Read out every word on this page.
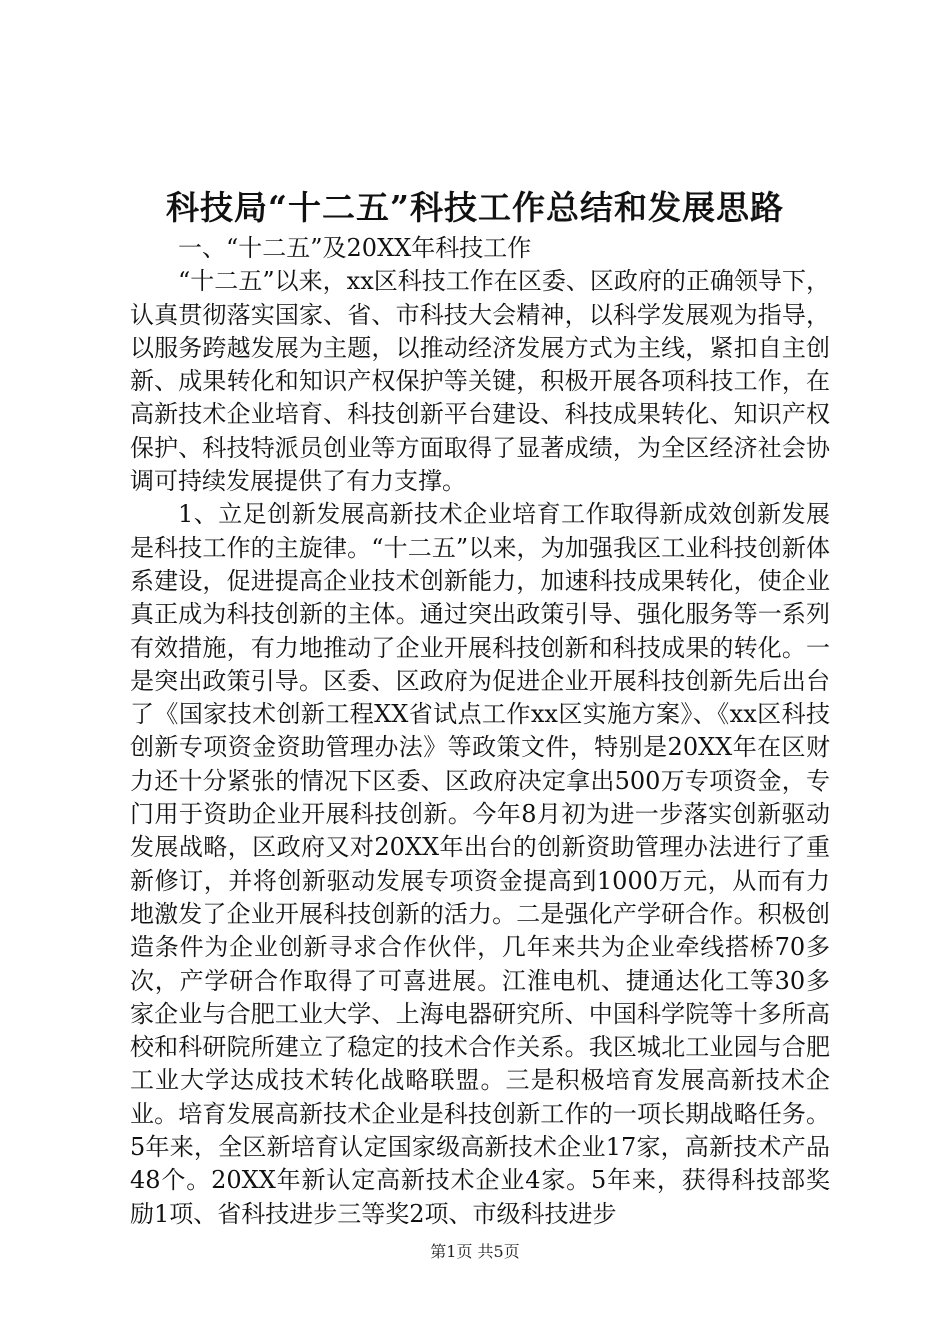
科技局“十二五”科技工作总结和发展思路

一、“十二五”及20XX年科技工作

“十二五”以来，xx区科技工作在区委、区政府的正确领导下，认真贯彻落实国家、省、市科技大会精神，以科学发展观为指导，以服务跨越发展为主题，以推动经济发展方式为主线，紧扣自主创新、成果转化和知识产权保护等关键，积极开展各项科技工作，在高新技术企业培育、科技创新平台建设、科技成果转化、知识产权保护、科技特派员创业等方面取得了显著成绩，为全区经济社会协调可持续发展提供了有力支撑。

1、立足创新发展高新技术企业培育工作取得新成效创新发展是科技工作的主旋律。“十二五”以来，为加强我区工业科技创新体系建设，促进提高企业技术创新能力，加速科技成果转化，使企业真正成为科技创新的主体。通过突出政策引导、强化服务等一系列有效措施，有力地推动了企业开展科技创新和科技成果的转化。一是突出政策引导。区委、区政府为促进企业开展科技创新先后出台了《国家技术创新工程XX省试点工作xx区实施方案》、《xx区科技创新专项资金资助管理办法》等政策文件，特别是20XX年在区财力还十分紧张的情况下区委、区政府决定拿出500万专项资金，专门用于资助企业开展科技创新。今年8月初为进一步落实创新驱动发展战略，区政府又对20XX年出台的创新资助管理办法进行了重新修订，并将创新驱动发展专项资金提高到1000万元，从而有力地激发了企业开展科技创新的活力。二是强化产学研合作。积极创造条件为企业创新寻求合作伙伴，几年来共为企业牵线搭桥70多次，产学研合作取得了可喜进展。江淮电机、捷通达化工等30多家企业与合肥工业大学、上海电器研究所、中国科学院等十多所高校和科研院所建立了稳定的技术合作关系。我区城北工业园与合肥工业大学达成技术转化战略联盟。三是积极培育发展高新技术企业。培育发展高新技术企业是科技创新工作的一项长期战略任务。5年来，全区新培育认定国家级高新技术企业17家，高新技术产品48个。20XX年新认定高新技术企业4家。5年来，获得科技部奖励1项、省科技进步三等奖2项、市级科技进步

第1页 共5页
